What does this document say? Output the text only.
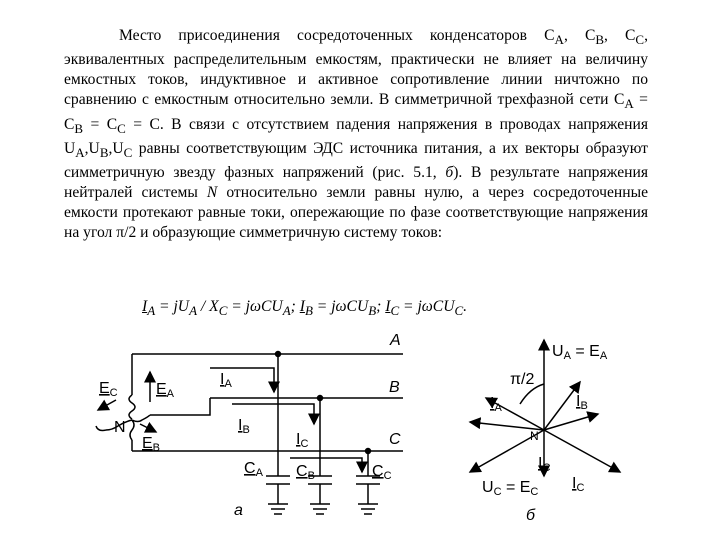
Место присоединения сосредоточенных конденсаторов $C_A$, $C_B$, $C_C$, эквивалентных распределительным емкостям, практически не влияет на величину емкостных токов, индуктивное и активное сопротивление линии ничтожно по сравнению с емкостным относительно земли. В симметричной трехфазной сети $C_A = C_B = C_C = C$. В связи с отсутствием падения напряжения в проводах напряжения $U_A,U_B,U_C$ равны соответствующим ЭДС источника питания, а их векторы образуют симметричную звезду фазных напряжений (рис. 5.1, б). В результате напряжения нейтралей системы N относительно земли равны нулю, а через сосредоточенные емкости протекают равные токи, опережающие по фазе соответствующие напряжения на угол π/2 и образующие симметричную систему токов:

$I_A = jU_A / X_C = j\omega CU_A$; $I_B = j\omega CU_B$; $I_C = j\omega CU_C$.
A
B
C
EC EA
EB
N
IA
IB
IC
CA CB	CC
а
UA = EA
π/2
IA	IB
N
IC
UC = EC IC
б
